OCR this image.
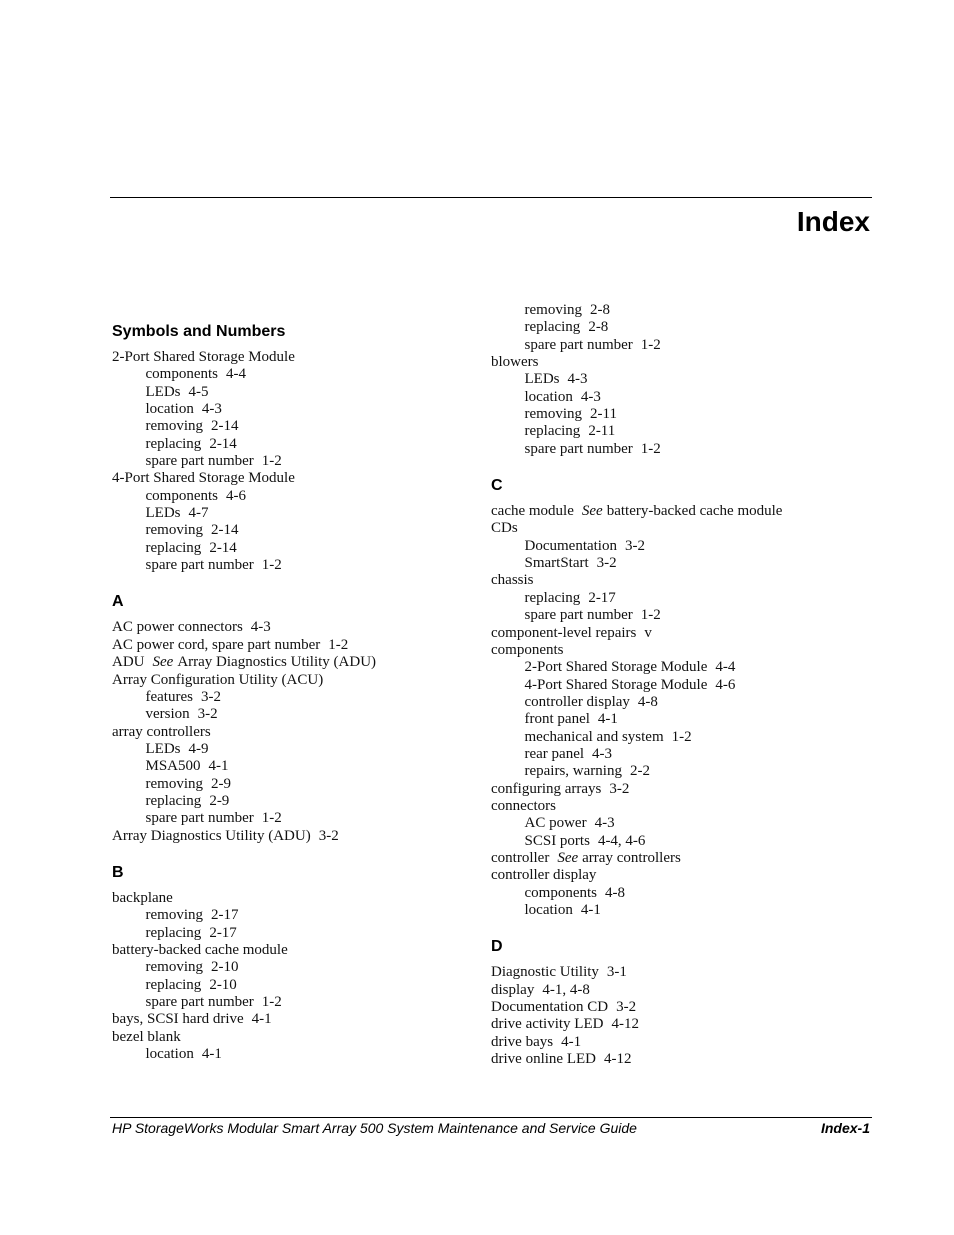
Index
Symbols and Numbers
2-Port Shared Storage Module
components 4-4
LEDs 4-5
location 4-3
removing 2-14
replacing 2-14
spare part number 1-2
4-Port Shared Storage Module
components 4-6
LEDs 4-7
removing 2-14
replacing 2-14
spare part number 1-2
A
AC power connectors 4-3
AC power cord, spare part number 1-2
ADU See Array Diagnostics Utility (ADU)
Array Configuration Utility (ACU)
features 3-2
version 3-2
array controllers
LEDs 4-9
MSA500 4-1
removing 2-9
replacing 2-9
spare part number 1-2
Array Diagnostics Utility (ADU) 3-2
B
backplane
removing 2-17
replacing 2-17
battery-backed cache module
removing 2-10
replacing 2-10
spare part number 1-2
bays, SCSI hard drive 4-1
bezel blank
location 4-1
removing 2-8
replacing 2-8
spare part number 1-2
blowers
LEDs 4-3
location 4-3
removing 2-11
replacing 2-11
spare part number 1-2
C
cache module See battery-backed cache module
CDs
Documentation 3-2
SmartStart 3-2
chassis
replacing 2-17
spare part number 1-2
component-level repairs v
components
2-Port Shared Storage Module 4-4
4-Port Shared Storage Module 4-6
controller display 4-8
front panel 4-1
mechanical and system 1-2
rear panel 4-3
repairs, warning 2-2
configuring arrays 3-2
connectors
AC power 4-3
SCSI ports 4-4, 4-6
controller See array controllers
controller display
components 4-8
location 4-1
D
Diagnostic Utility 3-1
display 4-1, 4-8
Documentation CD 3-2
drive activity LED 4-12
drive bays 4-1
drive online LED 4-12
HP StorageWorks Modular Smart Array 500 System Maintenance and Service Guide	Index-1
